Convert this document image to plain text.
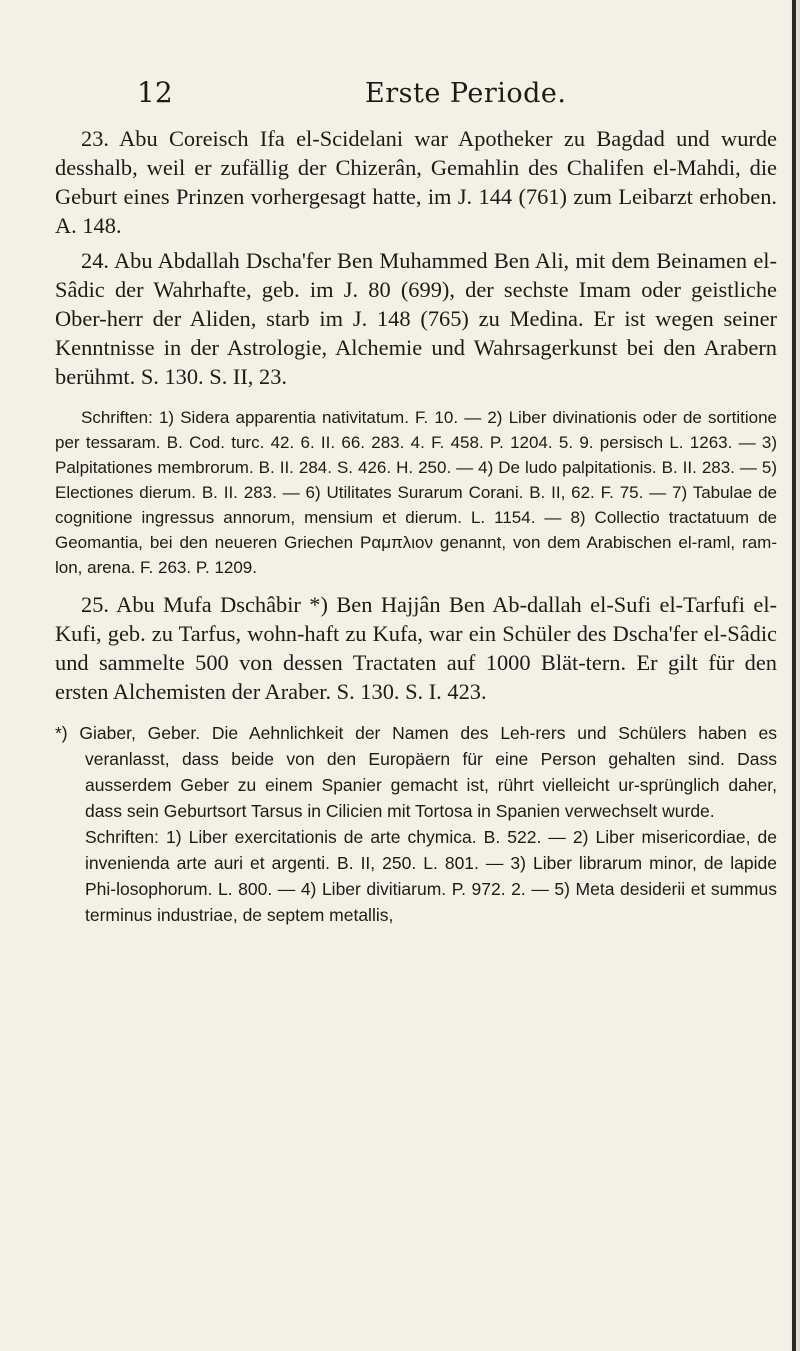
12	Erste Periode.

23. Abu Coreisch Ifa el-Scidelani war Apotheker zu Bagdad und wurde desshalb, weil er zufällig der Chizerân, Gemahlin des Chalifen el-Mahdi, die Geburt eines Prinzen vorhergesagt hatte, im J. 144 (761) zum Leibarzt erhoben. A. 148.

24. Abu Abdallah Dscha'fer Ben Muhammed Ben Ali, mit dem Beinamen el-Sâdic der Wahrhafte, geb. im J. 80 (699), der sechste Imam oder geistliche Ober-herr der Aliden, starb im J. 148 (765) zu Medina. Er ist wegen seiner Kenntnisse in der Astrologie, Alchemie und Wahrsagerkunst bei den Arabern berühmt. S. 130. S. II, 23.

Schriften: 1) Sidera apparentia nativitatum. F. 10. — 2) Liber divinationis oder de sortitione per tessaram. B. Cod. turc. 42. 6. II. 66. 283. 4. F. 458. P. 1204. 5. 9. persisch L. 1263. — 3) Palpitationes membrorum. B. II. 284. S. 426. H. 250. — 4) De ludo palpitationis. B. II. 283. — 5) Electiones dierum. B. II. 283. — 6) Utilitates Surarum Corani. B. II, 62. F. 75. — 7) Tabulae de cognitione ingressus annorum, mensium et dierum. L. 1154. — 8) Collectio tractatuum de Geomantia, bei den neueren Griechen Ραμπλιον genannt, von dem Arabischen el-raml, ram-lon, arena. F. 263. P. 1209.

25. Abu Mufa Dschâbir *) Ben Hajjân Ben Ab-dallah el-Sufi el-Tarfufi el-Kufi, geb. zu Tarfus, wohn-haft zu Kufa, war ein Schüler des Dscha'fer el-Sâdic und sammelte 500 von dessen Tractaten auf 1000 Blät-tern. Er gilt für den ersten Alchemisten der Araber. S. 130. S. I. 423.

*) Giaber, Geber. Die Aehnlichkeit der Namen des Leh-rers und Schülers haben es veranlasst, dass beide von den Europäern für eine Person gehalten sind. Dass ausserdem Geber zu einem Spanier gemacht ist, rührt vielleicht ur-sprünglich daher, dass sein Geburtsort Tarsus in Cilicien mit Tortosa in Spanien verwechselt wurde.

Schriften: 1) Liber exercitationis de arte chymica. B. 522. — 2) Liber misericordiae, de invenienda arte auri et argenti. B. II, 250. L. 801. — 3) Liber librarum minor, de lapide Phi-losophorum. L. 800. — 4) Liber divitiarum. P. 972. 2. — 5) Meta desiderii et summus terminus industriae, de septem metallis,
